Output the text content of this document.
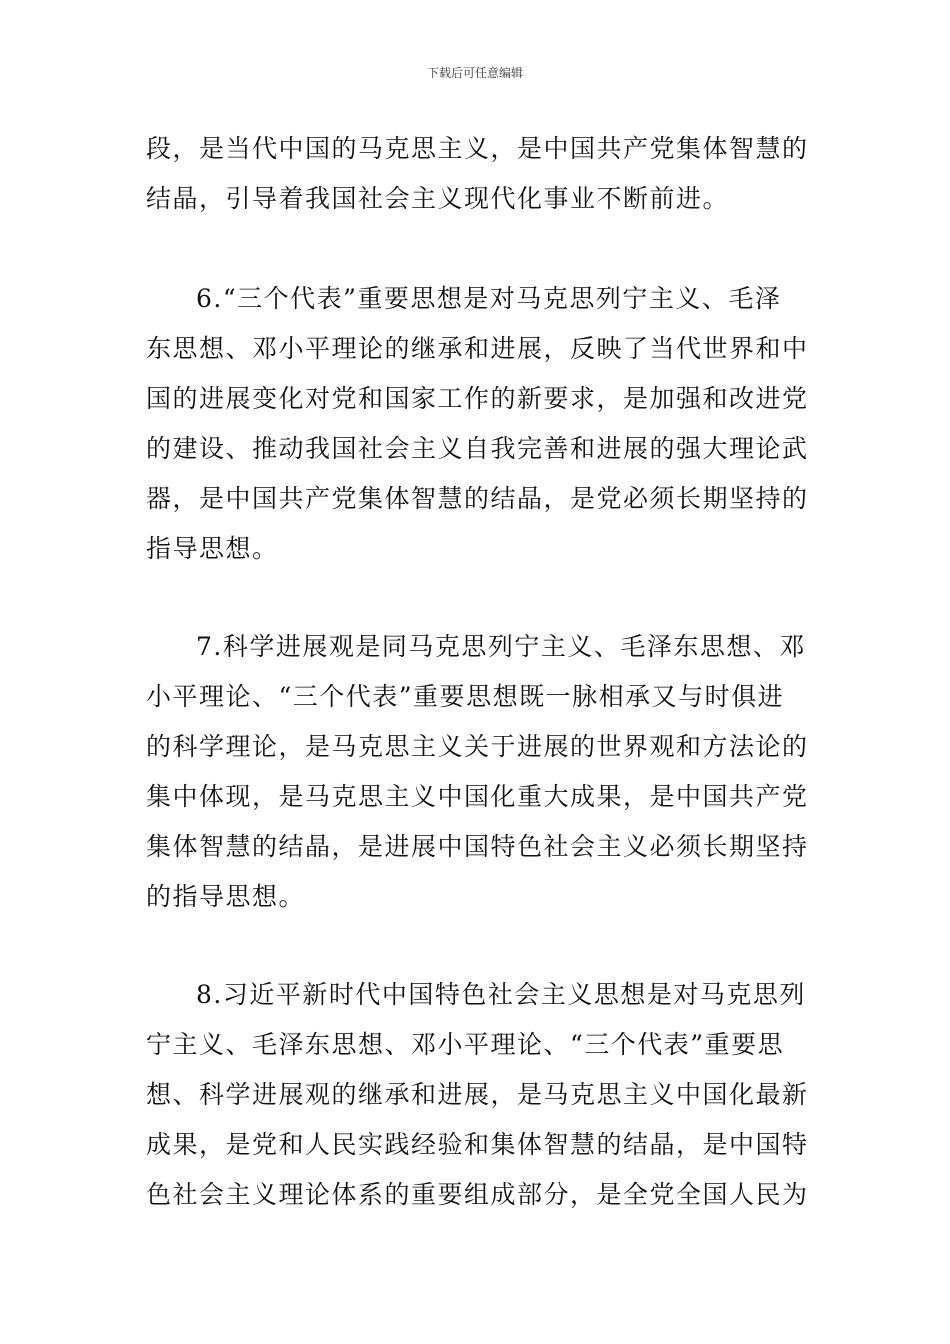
下载后可任意编辑
段，是当代中国的马克思主义，是中国共产党集体智慧的
结晶，引导着我国社会主义现代化事业不断前进。
6.“三个代表”重要思想是对马克思列宁主义、毛泽
东思想、邓小平理论的继承和进展，反映了当代世界和中
国的进展变化对党和国家工作的新要求，是加强和改进党
的建设、推动我国社会主义自我完善和进展的强大理论武
器，是中国共产党集体智慧的结晶，是党必须长期坚持的
指导思想。
7.科学进展观是同马克思列宁主义、毛泽东思想、邓
小平理论、“三个代表”重要思想既一脉相承又与时俱进
的科学理论，是马克思主义关于进展的世界观和方法论的
集中体现，是马克思主义中国化重大成果，是中国共产党
集体智慧的结晶，是进展中国特色社会主义必须长期坚持
的指导思想。
8.习近平新时代中国特色社会主义思想是对马克思列
宁主义、毛泽东思想、邓小平理论、“三个代表”重要思
想、科学进展观的继承和进展，是马克思主义中国化最新
成果，是党和人民实践经验和集体智慧的结晶，是中国特
色社会主义理论体系的重要组成部分，是全党全国人民为
